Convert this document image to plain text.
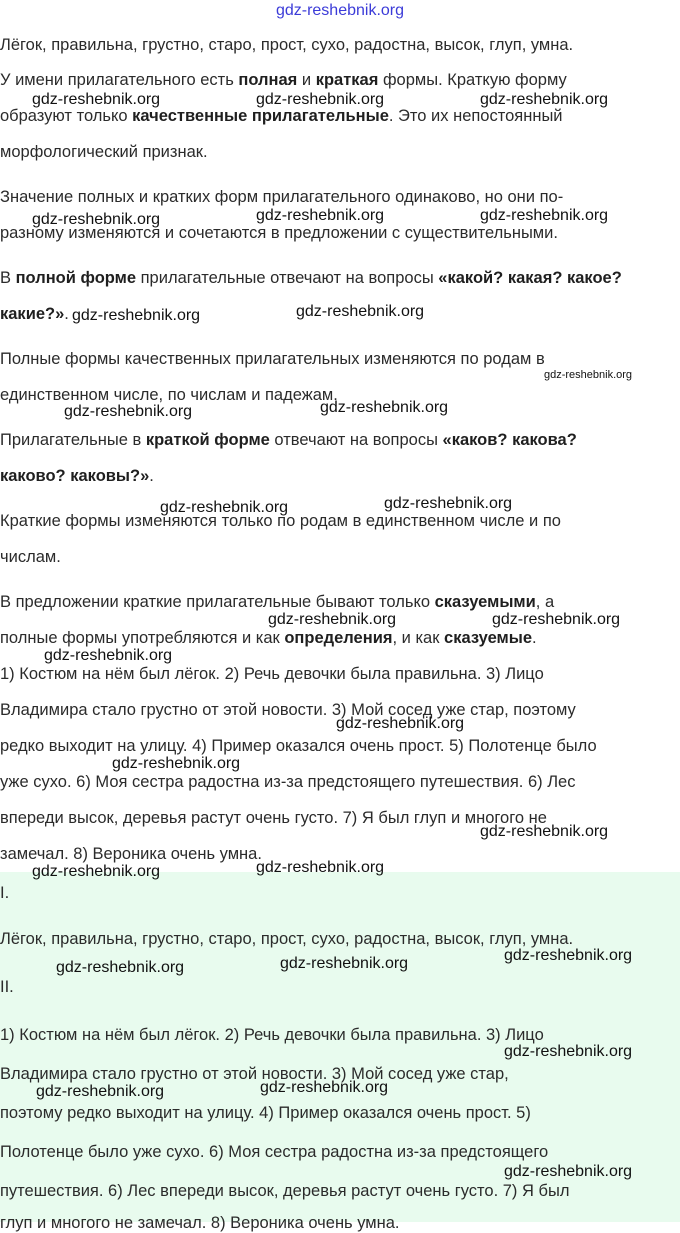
gdz-reshebnik.org
Лёгок, правильна, грустно, старо, прост, сухо, радостна, высок, глуп, умна.
У имени прилагательного есть полная и краткая формы. Краткую форму
образуют только качественные прилагательные. Это их непостоянный
морфологический признак.
Значение полных и кратких форм прилагательного одинаково, но они по-
разному изменяются и сочетаются в предложении с существительными.
В полной форме прилагательные отвечают на вопросы «какой? какая? какое?
какие?».
Полные формы качественных прилагательных изменяются по родам в
единственном числе, по числам и падежам.
Прилагательные в краткой форме отвечают на вопросы «каков? какова?
каково? каковы?».
Краткие формы изменяются только по родам в единственном числе и по
числам.
В предложении краткие прилагательные бывают только сказуемыми, а
полные формы употребляются и как определения, и как сказуемые.
1) Костюм на нём был лёгок. 2) Речь девочки была правильна. 3) Лицо
Владимира стало грустно от этой новости. 3) Мой сосед уже стар, поэтому
редко выходит на улицу. 4) Пример оказался очень прост. 5) Полотенце было
уже сухо. 6) Моя сестра радостна из-за предстоящего путешествия. 6) Лес
впереди высок, деревья растут очень густо. 7) Я был глуп и многого не
замечал. 8) Вероника очень умна.
I.
Лёгок, правильна, грустно, старо, прост, сухо, радостна, высок, глуп, умна.
II.
1) Костюм на нём был лёгок. 2) Речь девочки была правильна. 3) Лицо
Владимира стало грустно от этой новости. 3) Мой сосед уже стар,
поэтому редко выходит на улицу. 4) Пример оказался очень прост. 5)
Полотенце было уже сухо. 6) Моя сестра радостна из-за предстоящего
путешествия. 6) Лес впереди высок, деревья растут очень густо. 7) Я был
глуп и многого не замечал. 8) Вероника очень умна.
gdz-reshebnik.org	gdz-reshebnik.org	gdz-reshebnik.org
gdz-reshebnik.org	gdz-reshebnik.org	gdz-reshebnik.org
gdz-reshebnik.org	gdz-reshebnik.org
gdz-reshebnik.org
gdz-reshebnik.org	gdz-reshebnik.org
gdz-reshebnik.org	gdz-reshebnik.org
gdz-reshebnik.org	gdz-reshebnik.org
gdz-reshebnik.org
gdz-reshebnik.org
gdz-reshebnik.org
gdz-reshebnik.org
gdz-reshebnik.org	gdz-reshebnik.org
gdz-reshebnik.org	gdz-reshebnik.org	gdz-reshebnik.org
gdz-reshebnik.org
gdz-reshebnik.org	gdz-reshebnik.org
gdz-reshebnik.org
